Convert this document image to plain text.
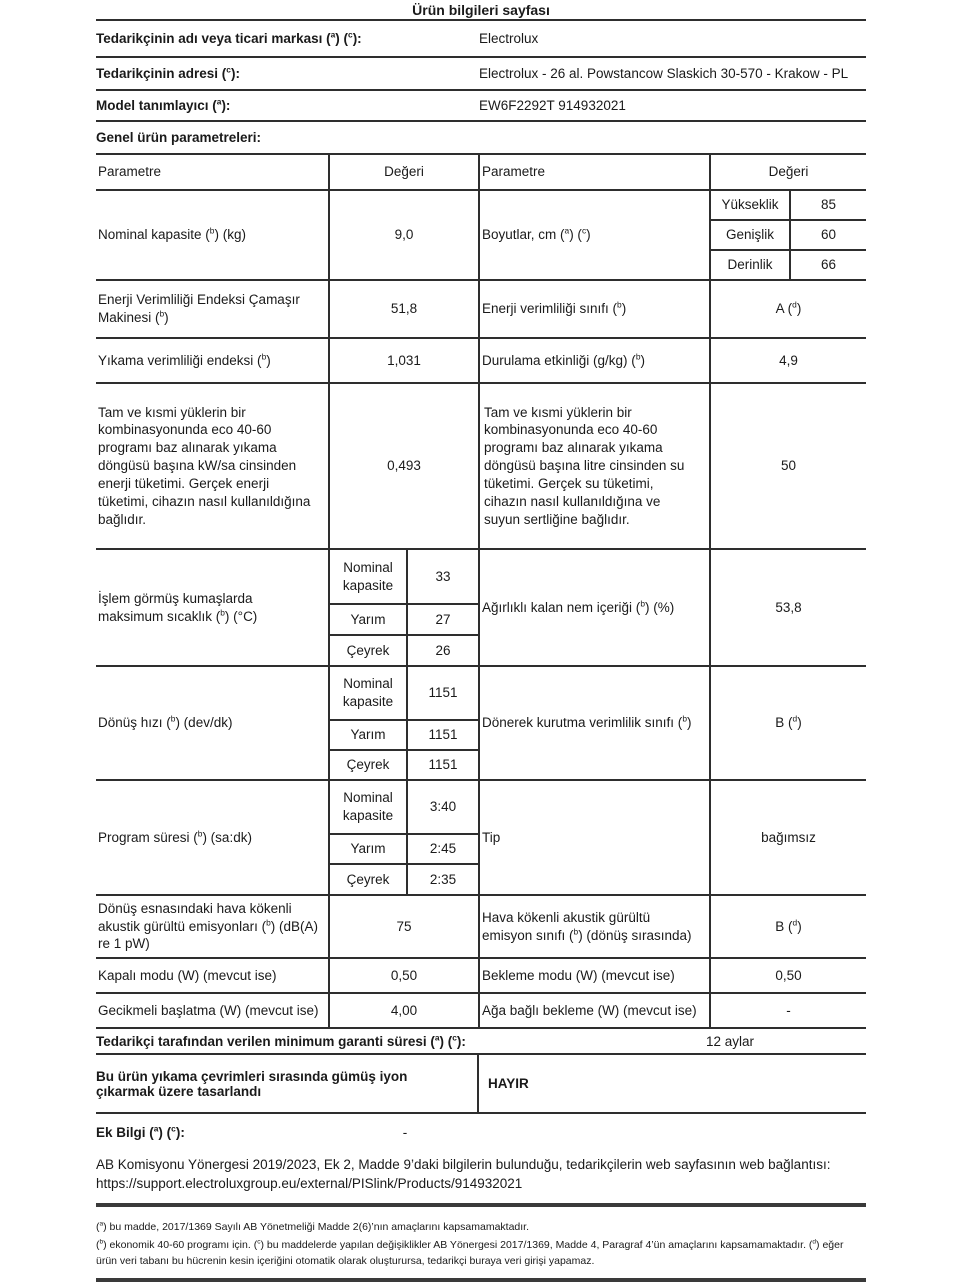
Ürün bilgileri sayfası
Tedarikçinin adı veya ticari markası ($^a$) ($^c$):	Electrolux
Tedarikçinin adresi ($^c$):	Electrolux - 26 al. Powstancow Slaskich 30-570 - Krakow - PL
Model tanımlayıcı ($^a$):	EW6F2292T 914932021
Genel ürün parametreleri:
Parametre	Değeri		Parametre	Değeri	
Nominal kapasite ($^b$) (kg)	9,0		Boyutlar, cm ($^a$) ($^c$)	Yükseklik	85
				Genişlik	60
				Derinlik	66
Enerji Verimliliği Endeksi Çamaşır Makinesi ($^b$)	51,8		Enerji verimliliği sınıfı ($^b$)	A ($^d$)	
Yıkama verimliliği endeksi ($^b$)	1,031		Durulama etkinliği (g/kg) ($^b$)	4,9	
Tam ve kısmi yüklerin bir kombinasyonunda eco 40-60 programı baz alınarak yıkama döngüsü başına kW/sa cinsinden enerji tüketimi. Gerçek enerji tüketimi, cihazın nasıl kullanıldığına bağlıdır.	0,493		Tam ve kısmi yüklerin bir kombinasyonunda eco 40-60 programı baz alınarak yıkama döngüsü başına litre cinsinden su tüketimi. Gerçek su tüketimi, cihazın nasıl kullanıldığına ve suyun sertliğine bağlıdır.	50	
İşlem görmüş kumaşlarda maksimum sıcaklık ($^b$) (°C)	Nominal kapasite	33	Ağırlıklı kalan nem içeriği ($^b$) (%)	53,8	
	Yarım	27			
	Çeyrek	26			
Dönüş hızı ($^b$) (dev/dk)	Nominal kapasite	1151	Dönerek kurutma verimlilik sınıfı ($^b$)	B ($^d$)	
	Yarım	1151			
	Çeyrek	1151			
Program süresi ($^b$) (sa:dk)	Nominal kapasite	3:40	Tip	bağımsız	
	Yarım	2:45			
	Çeyrek	2:35			
Dönüş esnasındaki hava kökenli akustik gürültü emisyonları ($^b$) (dB(A) re 1 pW)	75		Hava kökenli akustik gürültü emisyon sınıfı ($^b$) (dönüş sırasında)	B ($^d$)	
Kapalı modu (W) (mevcut ise)	0,50		Bekleme modu (W) (mevcut ise)	0,50	
Gecikmeli başlatma (W) (mevcut ise)	4,00		Ağa bağlı bekleme (W) (mevcut ise)	-	
Tedarikçi tarafından verilen minimum garanti süresi ($^a$) ($^c$):	12 aylar
Bu ürün yıkama çevrimleri sırasında gümüş iyon çıkarmak üzere tasarlandı	HAYIR
Ek Bilgi ($^a$) ($^c$):	-
AB Komisyonu Yönergesi 2019/2023, Ek 2, Madde 9’daki bilgilerin bulunduğu, tedarikçilerin web sayfasının web bağlantısı:
https://support.electroluxgroup.eu/external/PISlink/Products/914932021

($^a$) bu madde, 2017/1369 Sayılı AB Yönetmeliği Madde 2(6)’nın amaçlarını kapsamamaktadır.

($^b$) ekonomik 40-60 programı için. ($^c$) bu maddelerde yapılan değişiklikler AB Yönergesi 2017/1369, Madde 4, Paragraf 4’ün amaçlarını kapsamamaktadır. ($^d$) eğer ürün veri tabanı bu hücrenin kesin içeriğini otomatik olarak oluşturursa, tedarikçi buraya veri girişi yapamaz.
